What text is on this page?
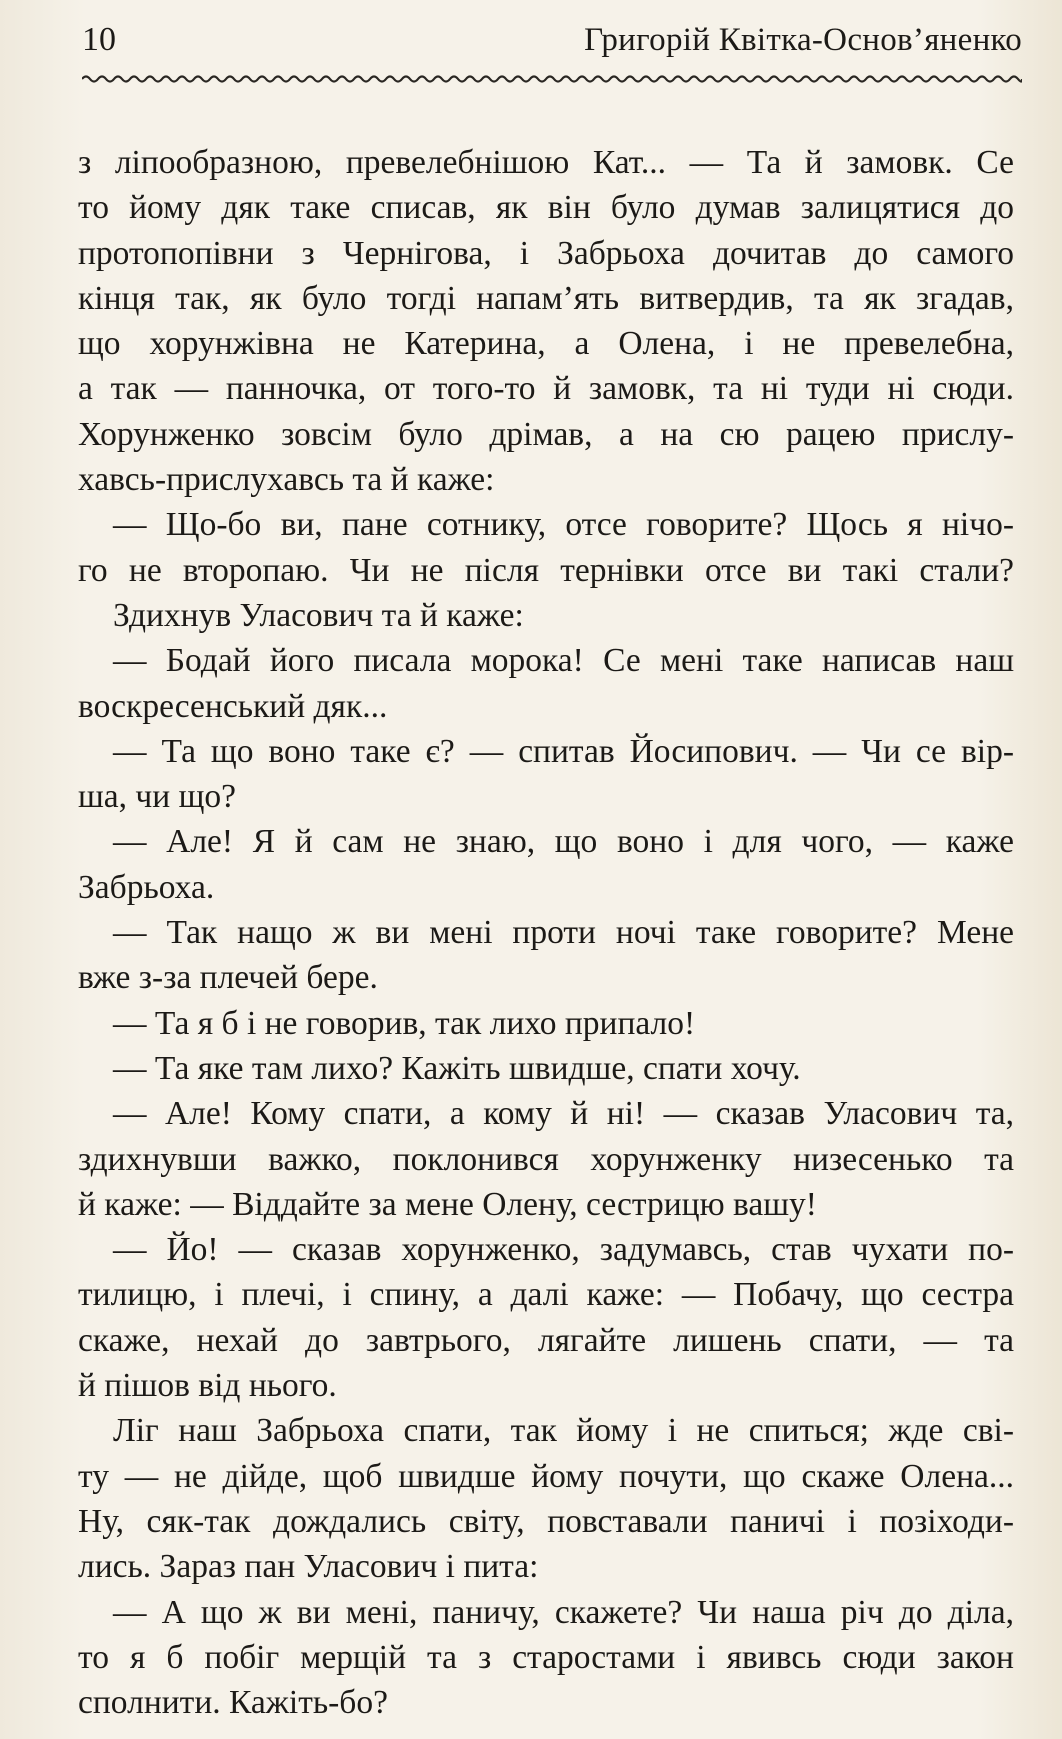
10	Григорій Квітка-Основ’яненко
з ліпообразною, превелебнішою Кат... — Та й замовк. Се
то йому дяк таке списав, як він було думав залицятися до
протопопівни з Чернігова, і Забрьоха дочитав до самого
кінця так, як було тогді напам’ять витвердив, та як згадав,
що хорунжівна не Катерина, а Олена, і не превелебна,
а так — панночка, от того-то й замовк, та ні туди ні сюди.
Хорунженко зовсім було дрімав, а на сю рацею прислу-
хавсь-прислухавсь та й каже:
— Що-бо ви, пане сотнику, отсе говорите? Щось я нічо-
го не второпаю. Чи не після тернівки отсе ви такі стали?
Здихнув Уласович та й каже:
— Бодай його писала морока! Се мені таке написав наш
воскресенський дяк...
— Та що воно таке є? — спитав Йосипович. — Чи се вір-
ша, чи що?
— Але! Я й сам не знаю, що воно і для чого, — каже
Забрьоха.
— Так нащо ж ви мені проти ночі таке говорите? Мене
вже з-за плечей бере.
— Та я б і не говорив, так лихо припало!
— Та яке там лихо? Кажіть швидше, спати хочу.
— Але! Кому спати, а кому й ні! — сказав Уласович та,
здихнувши важко, поклонився хорунженку низесенько та
й каже: — Віддайте за мене Олену, сестрицю вашу!
— Йо! — сказав хорунженко, задумавсь, став чухати по-
тилицю, і плечі, і спину, а далі каже: — Побачу, що сестра
скаже, нехай до завтрього, лягайте лишень спати, — та
й пішов від нього.
Ліг наш Забрьоха спати, так йому і не спиться; жде сві-
ту — не дійде, щоб швидше йому почути, що скаже Олена...
Ну, сяк-так дождались світу, повставали паничі і позіходи-
лись. Зараз пан Уласович і пита:
— А що ж ви мені, паничу, скажете? Чи наша річ до діла,
то я б побіг мерщій та з старостами і явивсь сюди закон
сполнити. Кажіть-бо?
